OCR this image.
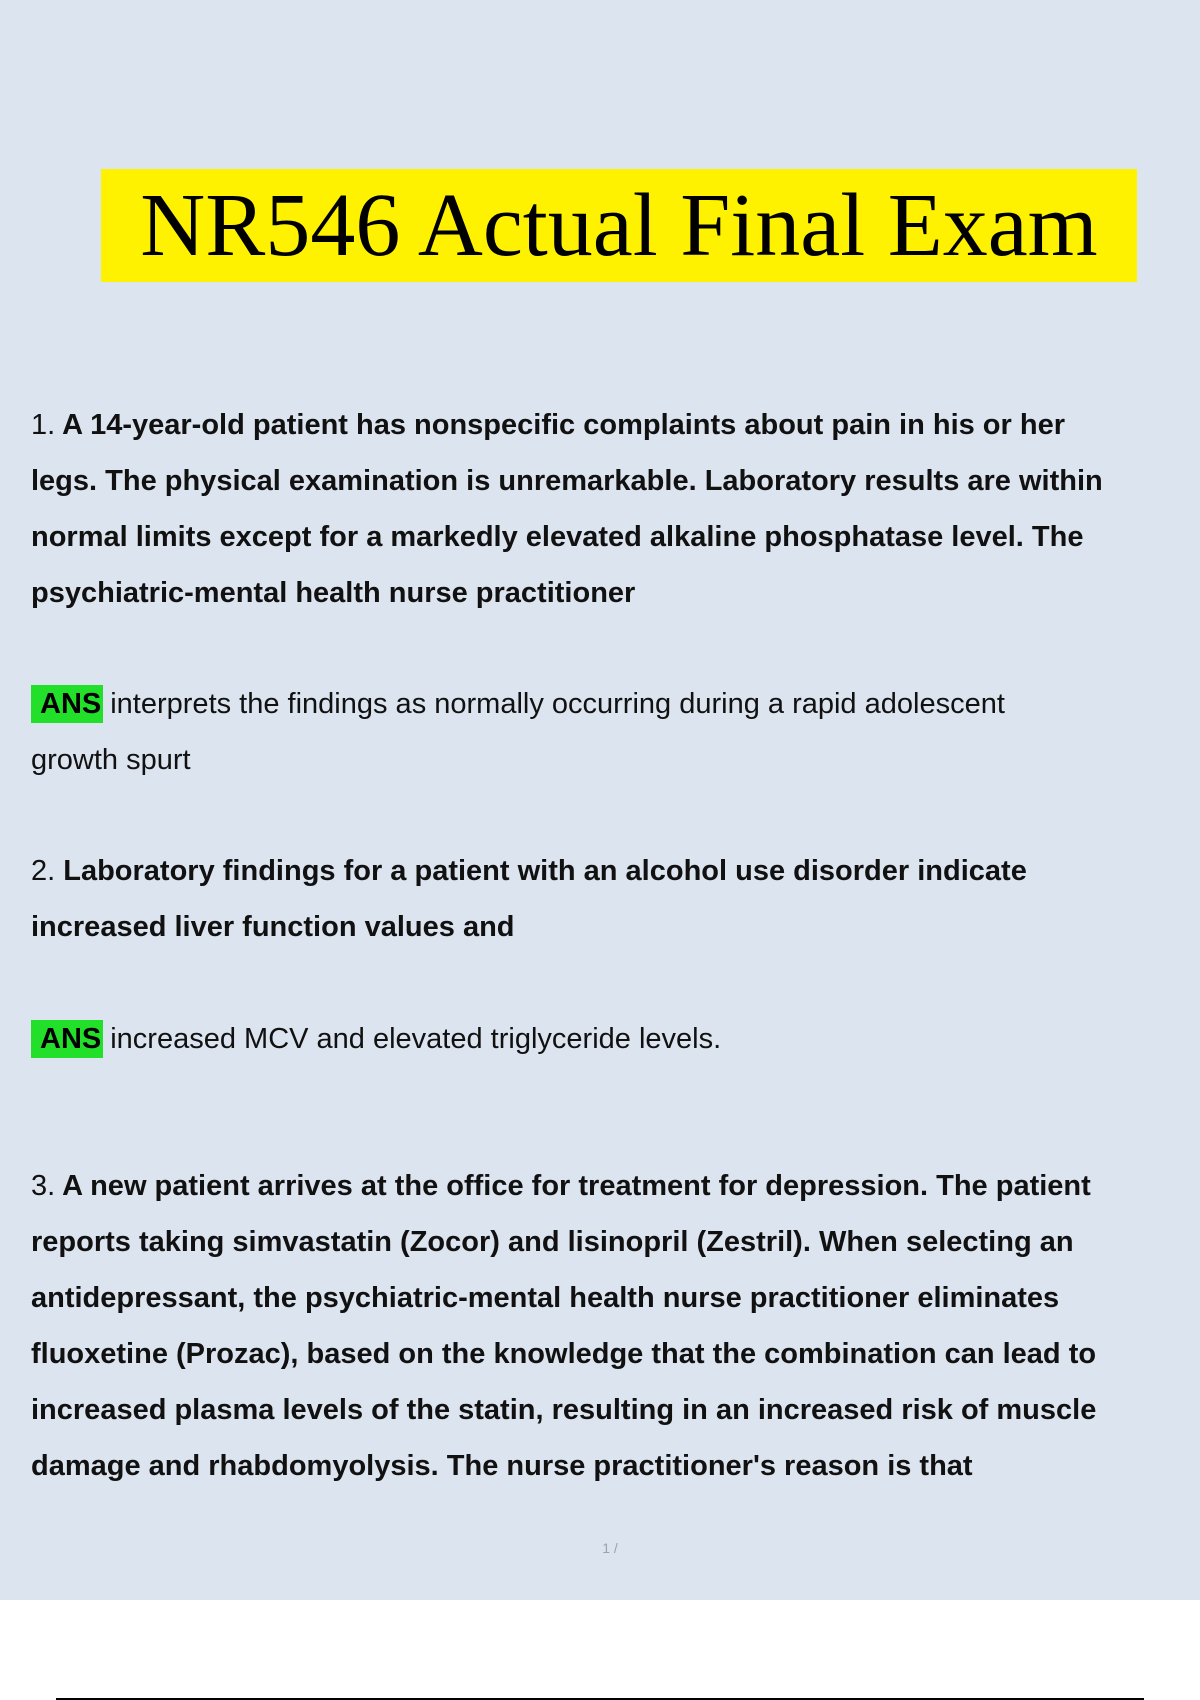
NR546 Actual Final Exam
1. A 14-year-old patient has nonspecific complaints about pain in his or her
legs. The physical examination is unremarkable. Laboratory results are within
normal limits except for a markedly elevated alkaline phosphatase level. The
psychiatric-mental health nurse practitioner
ANS interprets the findings as normally occurring during a rapid adolescent
growth spurt
2. Laboratory findings for a patient with an alcohol use disorder indicate
increased liver function values and
ANS increased MCV and elevated triglyceride levels.
3. A new patient arrives at the office for treatment for depression. The patient
reports taking simvastatin (Zocor) and lisinopril (Zestril). When selecting an
antidepressant, the psychiatric-mental health nurse practitioner eliminates
fluoxetine (Prozac), based on the knowledge that the combination can lead to
increased plasma levels of the statin, resulting in an increased risk of muscle
damage and rhabdomyolysis. The nurse practitioner's reason is that
1 /
